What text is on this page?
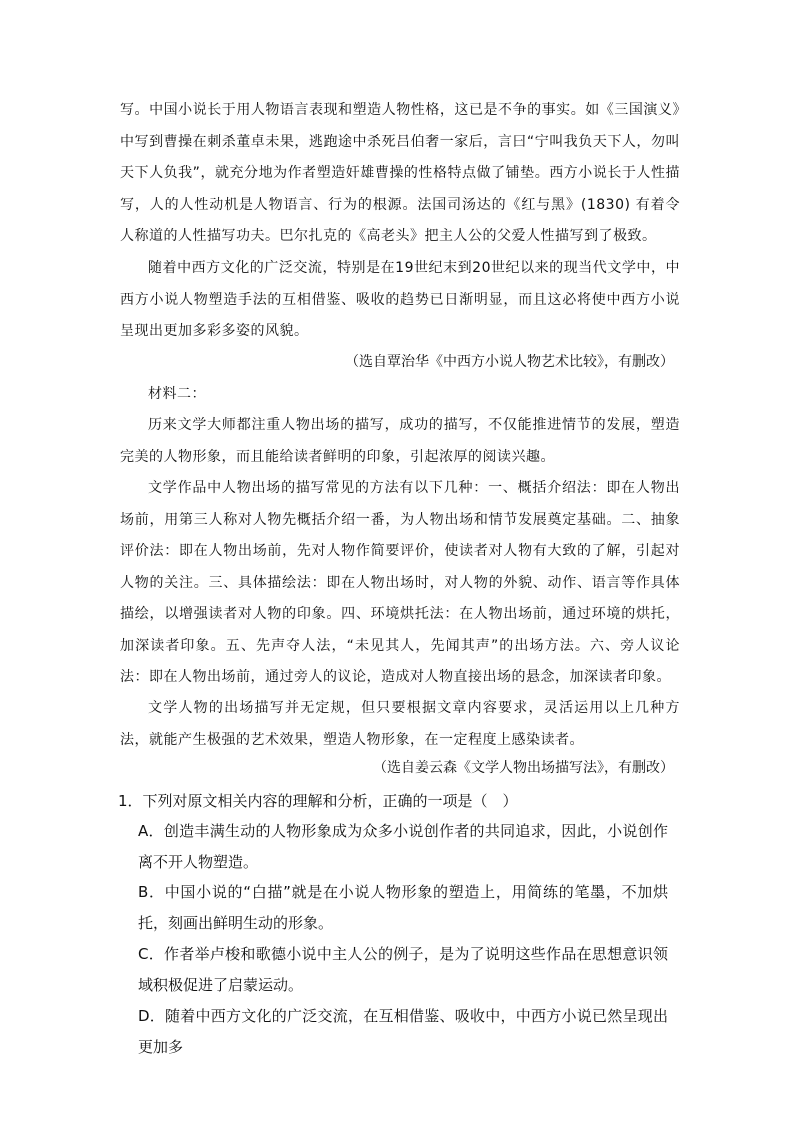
写。中国小说长于用人物语言表现和塑造人物性格，这已是不争的事实。如《三国演义》中写到曹操在刺杀董卓未果，逃跑途中杀死吕伯奢一家后，言曰“宁叫我负天下人，勿叫天下人负我”，就充分地为作者塑造奸雄曹操的性格特点做了铺垫。西方小说长于人性描写，人的人性动机是人物语言、行为的根源。法国司汤达的《红与黑》(1830) 有着令人称道的人性描写功夫。巴尔扎克的《高老头》把主人公的父爱人性描写到了极致。
随着中西方文化的广泛交流，特别是在19世纪末到20世纪以来的现当代文学中，中西方小说人物塑造手法的互相借鉴、吸收的趋势已日渐明显，而且这必将使中西方小说呈现出更加多彩多姿的风貌。
（选自覃治华《中西方小说人物艺术比较》，有删改）
材料二：
历来文学大师都注重人物出场的描写，成功的描写，不仅能推进情节的发展，塑造完美的人物形象，而且能给读者鲜明的印象，引起浓厚的阅读兴趣。
文学作品中人物出场的描写常见的方法有以下几种：一、概括介绍法：即在人物出场前，用第三人称对人物先概括介绍一番，为人物出场和情节发展奠定基础。二、抽象评价法：即在人物出场前，先对人物作简要评价，使读者对人物有大致的了解，引起对人物的关注。三、具体描绘法：即在人物出场时，对人物的外貌、动作、语言等作具体描绘，以增强读者对人物的印象。四、环境烘托法：在人物出场前，通过环境的烘托，加深读者印象。五、先声夺人法，“未见其人，先闻其声”的出场方法。六、旁人议论法：即在人物出场前，通过旁人的议论，造成对人物直接出场的悬念，加深读者印象。
文学人物的出场描写并无定规，但只要根据文章内容要求，灵活运用以上几种方法，就能产生极强的艺术效果，塑造人物形象，在一定程度上感染读者。
（选自姜云森《文学人物出场描写法》，有删改）
1．下列对原文相关内容的理解和分析，正确的一项是（　）
A．创造丰满生动的人物形象成为众多小说创作者的共同追求，因此，小说创作离不开人物塑造。
B．中国小说的“白描”就是在小说人物形象的塑造上，用简练的笔墨，不加烘托，刻画出鲜明生动的形象。
C．作者举卢梭和歌德小说中主人公的例子，是为了说明这些作品在思想意识领域积极促进了启蒙运动。
D．随着中西方文化的广泛交流，在互相借鉴、吸收中，中西方小说已然呈现出更加多
